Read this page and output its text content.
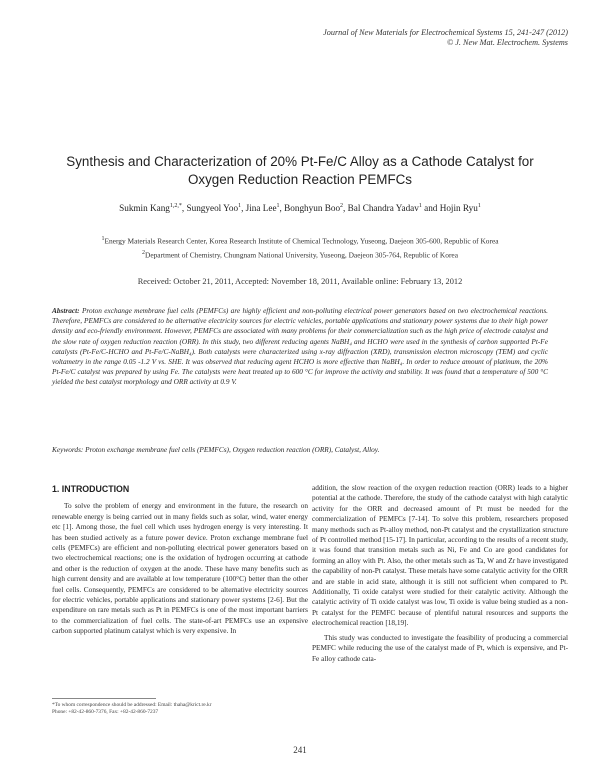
Journal of New Materials for Electrochemical Systems 15, 241-247 (2012)
© J. New Mat. Electrochem. Systems
Synthesis and Characterization of 20% Pt-Fe/C Alloy as a Cathode Catalyst for
Oxygen Reduction Reaction PEMFCs
Sukmin Kang$^{1,2,*}$, Sungyeol Yoo$^1$, Jina Lee$^1$, Bonghyun Boo$^2$, Bal Chandra Yadav$^1$ and Hojin Ryu$^1$
$^1$Energy Materials Research Center, Korea Research Institute of Chemical Technology, Yuseong, Daejeon 305-600, Republic of Korea
$^2$Department of Chemistry, Chungnam National University, Yuseong, Daejeon 305-764, Republic of Korea
Received: October 21, 2011, Accepted: November 18, 2011, Available online: February 13, 2012
Abstract: Proton exchange membrane fuel cells (PEMFCs) are highly efficient and non-polluting electrical power generators based on two electrochemical reactions. Therefore, PEMFCs are considered to be alternative electricity sources for electric vehicles, portable applications and stationary power systems due to their high power density and eco-friendly environment. However, PEMFCs are associated with many problems for their commercialization such as the high price of electrode catalyst and the slow rate of oxygen reduction reaction (ORR). In this study, two different reducing agents NaBH₄ and HCHO were used in the synthesis of carbon supported Pt-Fe catalysts (Pt-Fe/C-HCHO and Pt-Fe/C-NaBH₄). Both catalysts were characterized using x-ray diffraction (XRD), transmission electron microscopy (TEM) and cyclic voltametry in the range 0.05 -1.2 V vs. SHE. It was observed that reducing agent HCHO is more effective than NaBH₄. In order to reduce amount of platinum, the 20% Pt-Fe/C catalyst was prepared by using Fe. The catalysts were heat treated up to 600 °C for improve the activity and stability. It was found that a temperature of 500 °C yielded the best catalyst morphology and ORR activity at 0.9 V.
Keywords: Proton exchange membrane fuel cells (PEMFCs), Oxygen reduction reaction (ORR), Catalyst, Alloy.
1. INTRODUCTION

To solve the problem of energy and environment in the future, the research on renewable energy is being carried out in many fields such as solar, wind, water energy etc [1]. Among those, the fuel cell which uses hydrogen energy is very interesting. It has been studied actively as a future power device. Proton exchange membrane fuel cells (PEMFCs) are efficient and non-polluting electrical power generators based on two electrochemical reactions; one is the oxidation of hydrogen occurring at cathode and other is the reduction of oxygen at the anode. These have many benefits such as high current density and are available at low temperature (100°C) better than the other fuel cells. Consequently, PEMFCs are considered to be alternative electricity sources for electric vehicles, portable applications and stationary power systems [2-6]. But the expenditure on rare metals such as Pt in PEMFCs is one of the most important barriers to the commercialization of fuel cells. The state-of-art PEMFCs use an expensive carbon supported platinum catalyst which is very expensive. In

addition, the slow reaction of the oxygen reduction reaction (ORR) leads to a higher potential at the cathode. Therefore, the study of the cathode catalyst with high catalytic activity for the ORR and decreased amount of Pt must be needed for the commercialization of PEMFCs [7-14]. To solve this problem, researchers proposed many methods such as Pt-alloy method, non-Pt catalyst and the crystallization structure of Pt controlled method [15-17]. In particular, according to the results of a recent study, it was found that transition metals such as Ni, Fe and Co are good candidates for forming an alloy with Pt. Also, the other metals such as Ta, W and Zr have investigated the capability of non-Pt catalyst. These metals have some catalytic activity for the ORR and are stable in acid state, although it is still not sufficient when compared to Pt. Additionally, Ti oxide catalyst were studied for their catalytic activity. Although the catalytic activity of Ti oxide catalyst was low, Ti oxide is value being studied as a non-Pt catalyst for the PEMFC because of plentiful natural resources and supports the electrochemical reaction [18,19].

This study was conducted to investigate the feasibility of producing a commercial PEMFC while reducing the use of the catalyst made of Pt, which is expensive, and Pt-Fe alloy cathode cata-

*To whom correspondence should be addressed: Email: thaha@krict.re.kr
Phone: +82-42-860-7376, Fax: +82-42-860-7237
241
